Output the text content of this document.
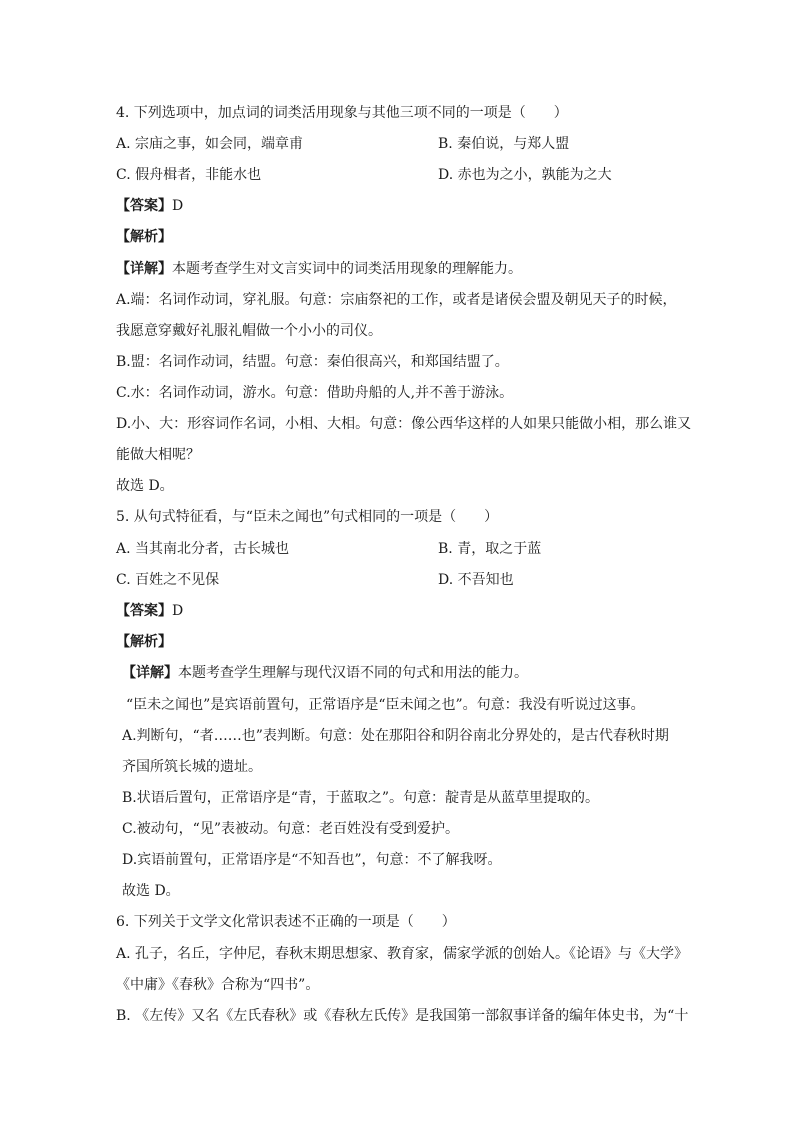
4. 下列选项中，加点词的词类活用现象与其他三项不同的一项是（　　）
A. 宗庙之事，如会同，端章甫	B. 秦伯说，与郑人盟
C. 假舟楫者，非能水也	D. 赤也为之小，孰能为之大
【答案】D
【解析】
【详解】本题考查学生对文言实词中的词类活用现象的理解能力。
A.端：名词作动词，穿礼服。句意：宗庙祭祀的工作，或者是诸侯会盟及朝见天子的时候，
我愿意穿戴好礼服礼帽做一个小小的司仪。
B.盟：名词作动词，结盟。句意：秦伯很高兴，和郑国结盟了。
C.水：名词作动词，游水。句意：借助舟船的人,并不善于游泳。
D.小、大：形容词作名词，小相、大相。句意：像公西华这样的人如果只能做小相，那么谁又
能做大相呢？
故选 D。
5. 从句式特征看，与“臣未之闻也”句式相同的一项是（　　）
A. 当其南北分者，古长城也	B. 青，取之于蓝
C. 百姓之不见保	D. 不吾知也
【答案】D
【解析】
【详解】本题考查学生理解与现代汉语不同的句式和用法的能力。
“臣未之闻也”是宾语前置句，正常语序是“臣未闻之也”。句意：我没有听说过这事。
A.判断句，“者……也”表判断。句意：处在那阳谷和阴谷南北分界处的，是古代春秋时期
齐国所筑长城的遗址。
B.状语后置句，正常语序是“青，于蓝取之”。句意：靛青是从蓝草里提取的。
C.被动句，“见”表被动。句意：老百姓没有受到爱护。
D.宾语前置句，正常语序是“不知吾也”，句意：不了解我呀。
故选 D。
6. 下列关于文学文化常识表述不正确的一项是（　　）
A. 孔子，名丘，字仲尼，春秋末期思想家、教育家，儒家学派的创始人。《论语》与《大学》
《中庸》《春秋》合称为“四书”。
B. 《左传》又名《左氏春秋》或《春秋左氏传》是我国第一部叙事详备的编年体史书，为“十
